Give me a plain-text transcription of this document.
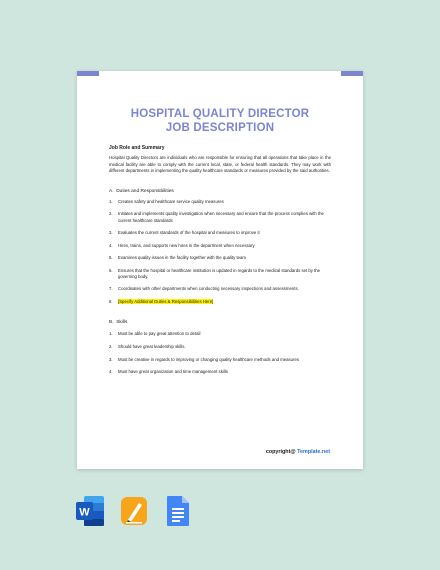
HOSPITAL QUALITY DIRECTOR
JOB DESCRIPTION

Job Role and Summary

Hospital Quality Directors are individuals who are responsible for ensuring that all operations that take place in the medical facility are able to comply with the current local, state, or federal health standards. They may work with different departments in implementing the quality healthcare standards or measures provided by the said authorities.

A.  Duties and Responsibilities

1.	Creates safety and healthcare service quality measures
2.	Initiates and implements quality investigation when necessary and ensure that the process complies with the current healthcare standards
3.	Evaluates the current standards of the hospital and measures to improve it
4.	Hires, trains, and supports new hires in the department when necessary
5.	Examines quality issues in the facility together with the quality team
6.	Ensures that the hospital or healthcare institution is updated in regards to the medical standards set by the governing body.
7.	Coordinates with other departments when conducting necessary inspections and assessments.
8.	[Specify Additional Duties & Responsibilities Here]

B.  Skills

1.	Must be able to pay great attention to detail
2.	Should have great leadership skills.
3.	Must be creative in regards to improving or changing quality healthcare methods and measures
4.	Must have great organization and time management skills
copyright@ Template.net
W
